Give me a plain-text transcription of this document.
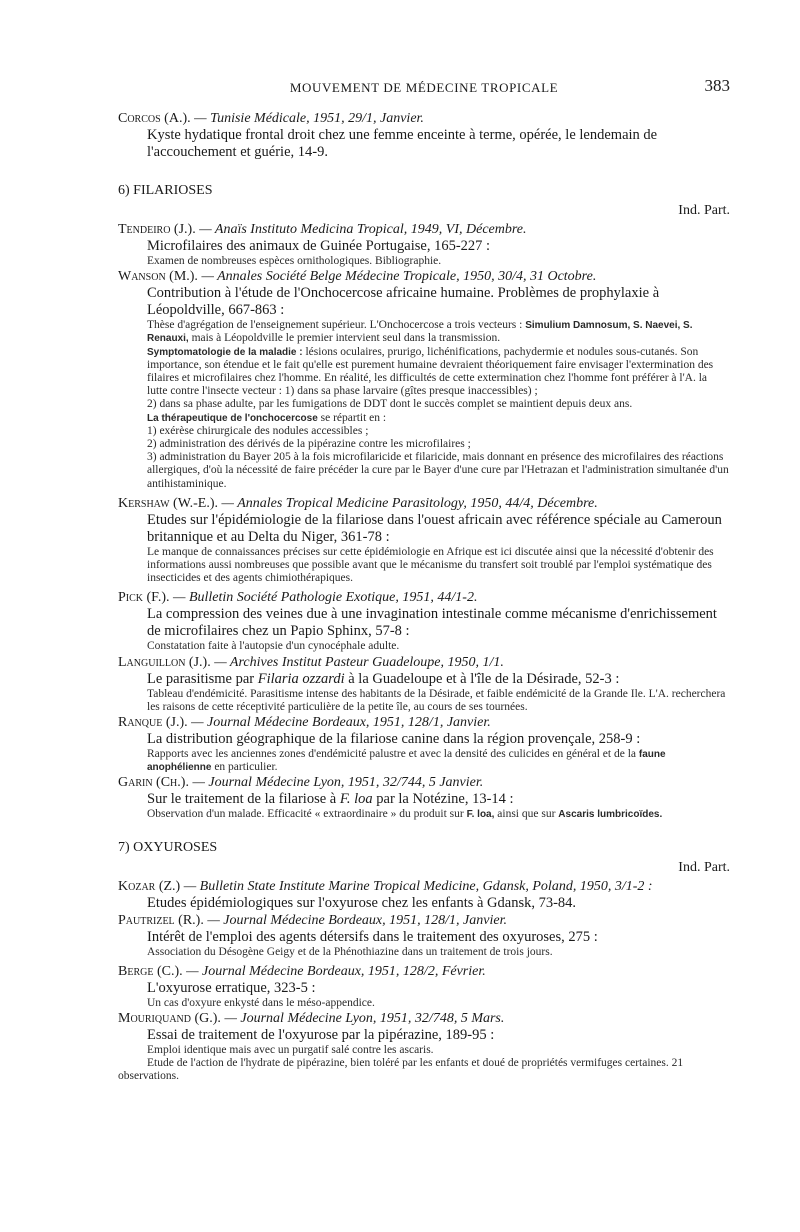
MOUVEMENT DE MÉDECINE TROPICALE	383

Corcos (A.). — Tunisie Médicale, 1951, 29/1, Janvier.

Kyste hydatique frontal droit chez une femme enceinte à terme, opérée, le lendemain de l'accouchement et guérie, 14-9.

6) FILARIOSES
Ind. Part.

Tendeiro (J.). — Anaïs Instituto Medicina Tropical, 1949, VI, Décembre.

Microfilaires des animaux de Guinée Portugaise, 165-227 :

Examen de nombreuses espèces ornithologiques. Bibliographie.

Wanson (M.). — Annales Société Belge Médecine Tropicale, 1950, 30/4, 31 Octobre.

Contribution à l'étude de l'Onchocercose africaine humaine. Problèmes de prophylaxie à Léopoldville, 667-863 :

Thèse d'agrégation de l'enseignement supérieur. L'Onchocercose a trois vecteurs : Simulium Damnosum, S. Naevei, S. Renauxi, mais à Léopoldville le premier intervient seul dans la transmission.

Symptomatologie de la maladie : lésions oculaires, prurigo, lichénifications, pachydermie et nodules sous-cutanés. Son importance, son étendue et le fait qu'elle est purement humaine devraient théoriquement faire envisager l'extermination des filaires et microfilaires chez l'homme. En réalité, les difficultés de cette extermination chez l'homme font préférer à l'A. la lutte contre l'insecte vecteur : 1) dans sa phase larvaire (gîtes presque inaccessibles) ;

2) dans sa phase adulte, par les fumigations de DDT dont le succès complet se maintient depuis deux ans.

La thérapeutique de l'onchocercose se répartit en :

1) exérèse chirurgicale des nodules accessibles ;

2) administration des dérivés de la pipérazine contre les microfilaires ;

3) administration du Bayer 205 à la fois microfilaricide et filaricide, mais donnant en présence des microfilaires des réactions allergiques, d'où la nécessité de faire précéder la cure par le Bayer d'une cure par l'Hetrazan et l'administration simultanée d'un antihistaminique.

Kershaw (W.-E.). — Annales Tropical Medicine Parasitology, 1950, 44/4, Décembre.

Etudes sur l'épidémiologie de la filariose dans l'ouest africain avec référence spéciale au Cameroun britannique et au Delta du Niger, 361-78 :

Le manque de connaissances précises sur cette épidémiologie en Afrique est ici discutée ainsi que la nécessité d'obtenir des informations aussi nombreuses que possible avant que le mécanisme du transfert soit troublé par l'emploi systématique des insecticides et des agents chimiothérapiques.

Pick (F.). — Bulletin Société Pathologie Exotique, 1951, 44/1-2.

La compression des veines due à une invagination intestinale comme mécanisme d'enrichissement de microfilaires chez un Papio Sphinx, 57-8 :

Constatation faite à l'autopsie d'un cynocéphale adulte.

Languillon (J.). — Archives Institut Pasteur Guadeloupe, 1950, 1/1.

Le parasitisme par Filaria ozzardi à la Guadeloupe et à l'île de la Désirade, 52-3 :

Tableau d'endémicité. Parasitisme intense des habitants de la Désirade, et faible endémicité de la Grande Ile. L'A. recherchera les raisons de cette réceptivité particulière de la petite île, au cours de ses tournées.

Ranque (J.). — Journal Médecine Bordeaux, 1951, 128/1, Janvier.

La distribution géographique de la filariose canine dans la région provençale, 258-9 :

Rapports avec les anciennes zones d'endémicité palustre et avec la densité des culicides en général et de la faune anophélienne en particulier.

Garin (Ch.). — Journal Médecine Lyon, 1951, 32/744, 5 Janvier.

Sur le traitement de la filariose à F. loa par la Notézine, 13-14 :

Observation d'un malade. Efficacité « extraordinaire » du produit sur F. loa, ainsi que sur Ascaris lumbricoïdes.

7) OXYUROSES
Ind. Part.

Kozar (Z.) — Bulletin State Institute Marine Tropical Medicine, Gdansk, Poland, 1950, 3/1-2 :

Etudes épidémiologiques sur l'oxyurose chez les enfants à Gdansk, 73-84.

Pautrizel (R.). — Journal Médecine Bordeaux, 1951, 128/1, Janvier.

Intérêt de l'emploi des agents détersifs dans le traitement des oxyuroses, 275 :

Association du Désogène Geigy et de la Phénothiazine dans un traitement de trois jours.

Berge (C.). — Journal Médecine Bordeaux, 1951, 128/2, Février.

L'oxyurose erratique, 323-5 :

Un cas d'oxyure enkysté dans le méso-appendice.

Mouriquand (G.). — Journal Médecine Lyon, 1951, 32/748, 5 Mars.

Essai de traitement de l'oxyurose par la pipérazine, 189-95 :

Emploi identique mais avec un purgatif salé contre les ascaris.

Etude de l'action de l'hydrate de pipérazine, bien toléré par les enfants et doué de propriétés vermifuges certaines. 21 observations.
